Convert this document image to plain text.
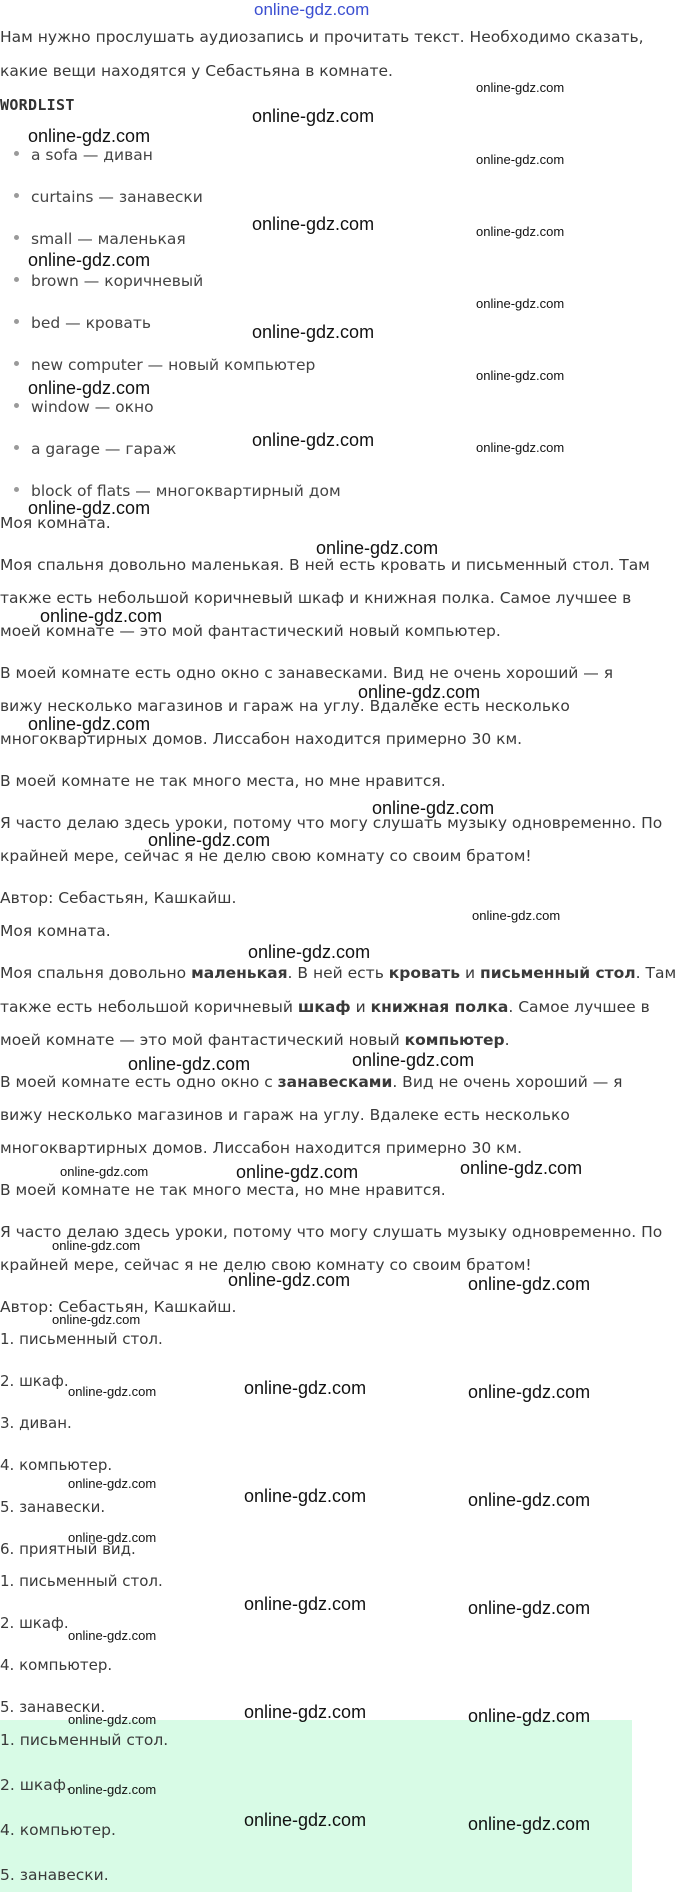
online-gdz.com
Нам нужно прослушать аудиозапись и прочитать текст. Необходимо сказать,
какие вещи находятся у Себастьяна в комнате.
WORDLIST
a sofa — диван
curtains — занавески
small — маленькая
brown — коричневый
bed — кровать
new computer — новый компьютер
window — окно
a garage — гараж
block of flats — многоквартирный дом
Моя комната.
Моя спальня довольно маленькая. В ней есть кровать и письменный стол. Там
также есть небольшой коричневый шкаф и книжная полка. Самое лучшее в
моей комнате — это мой фантастический новый компьютер.
В моей комнате есть одно окно с занавесками. Вид не очень хороший — я
вижу несколько магазинов и гараж на углу. Вдалеке есть несколько
многоквартирных домов. Лиссабон находится примерно 30 км.
В моей комнате не так много места, но мне нравится.
Я часто делаю здесь уроки, потому что могу слушать музыку одновременно. По
крайней мере, сейчас я не делю свою комнату со своим братом!
Автор: Себастьян, Кашкайш.
Моя комната.
Моя спальня довольно маленькая. В ней есть кровать и письменный стол. Там
также есть небольшой коричневый шкаф и книжная полка. Самое лучшее в
моей комнате — это мой фантастический новый компьютер.
В моей комнате есть одно окно с занавесками. Вид не очень хороший — я
вижу несколько магазинов и гараж на углу. Вдалеке есть несколько
многоквартирных домов. Лиссабон находится примерно 30 км.
В моей комнате не так много места, но мне нравится.
Я часто делаю здесь уроки, потому что могу слушать музыку одновременно. По
крайней мере, сейчас я не делю свою комнату со своим братом!
Автор: Себастьян, Кашкайш.
1. письменный стол.
2. шкаф.
3. диван.
4. компьютер.
5. занавески.
6. приятный вид.
1. письменный стол.
2. шкаф.
4. компьютер.
5. занавески.
1. письменный стол.
2. шкаф.
4. компьютер.
5. занавески.
online-gdz.com
online-gdz.com
online-gdz.com
online-gdz.com
online-gdz.com
online-gdz.com
online-gdz.com
online-gdz.com
online-gdz.com
online-gdz.com
online-gdz.com
online-gdz.com
online-gdz.com
online-gdz.com
online-gdz.com
online-gdz.com	online-gdz.com
online-gdz.com	online-gdz.com
online-gdz.com	online-gdz.com
online-gdz.com	online-gdz.com
online-gdz.com	online-gdz.com
online-gdz.com	online-gdz.com
online-gdz.com	online-gdz.com
online-gdz.com	online-gdz.com
online-gdz.com
online-gdz.com
online-gdz.com
online-gdz.com
online-gdz.com
online-gdz.com
online-gdz.com
online-gdz.com
online-gdz.com
online-gdz.com
online-gdz.com
online-gdz.com
online-gdz.com
online-gdz.com
online-gdz.com
online-gdz.com
